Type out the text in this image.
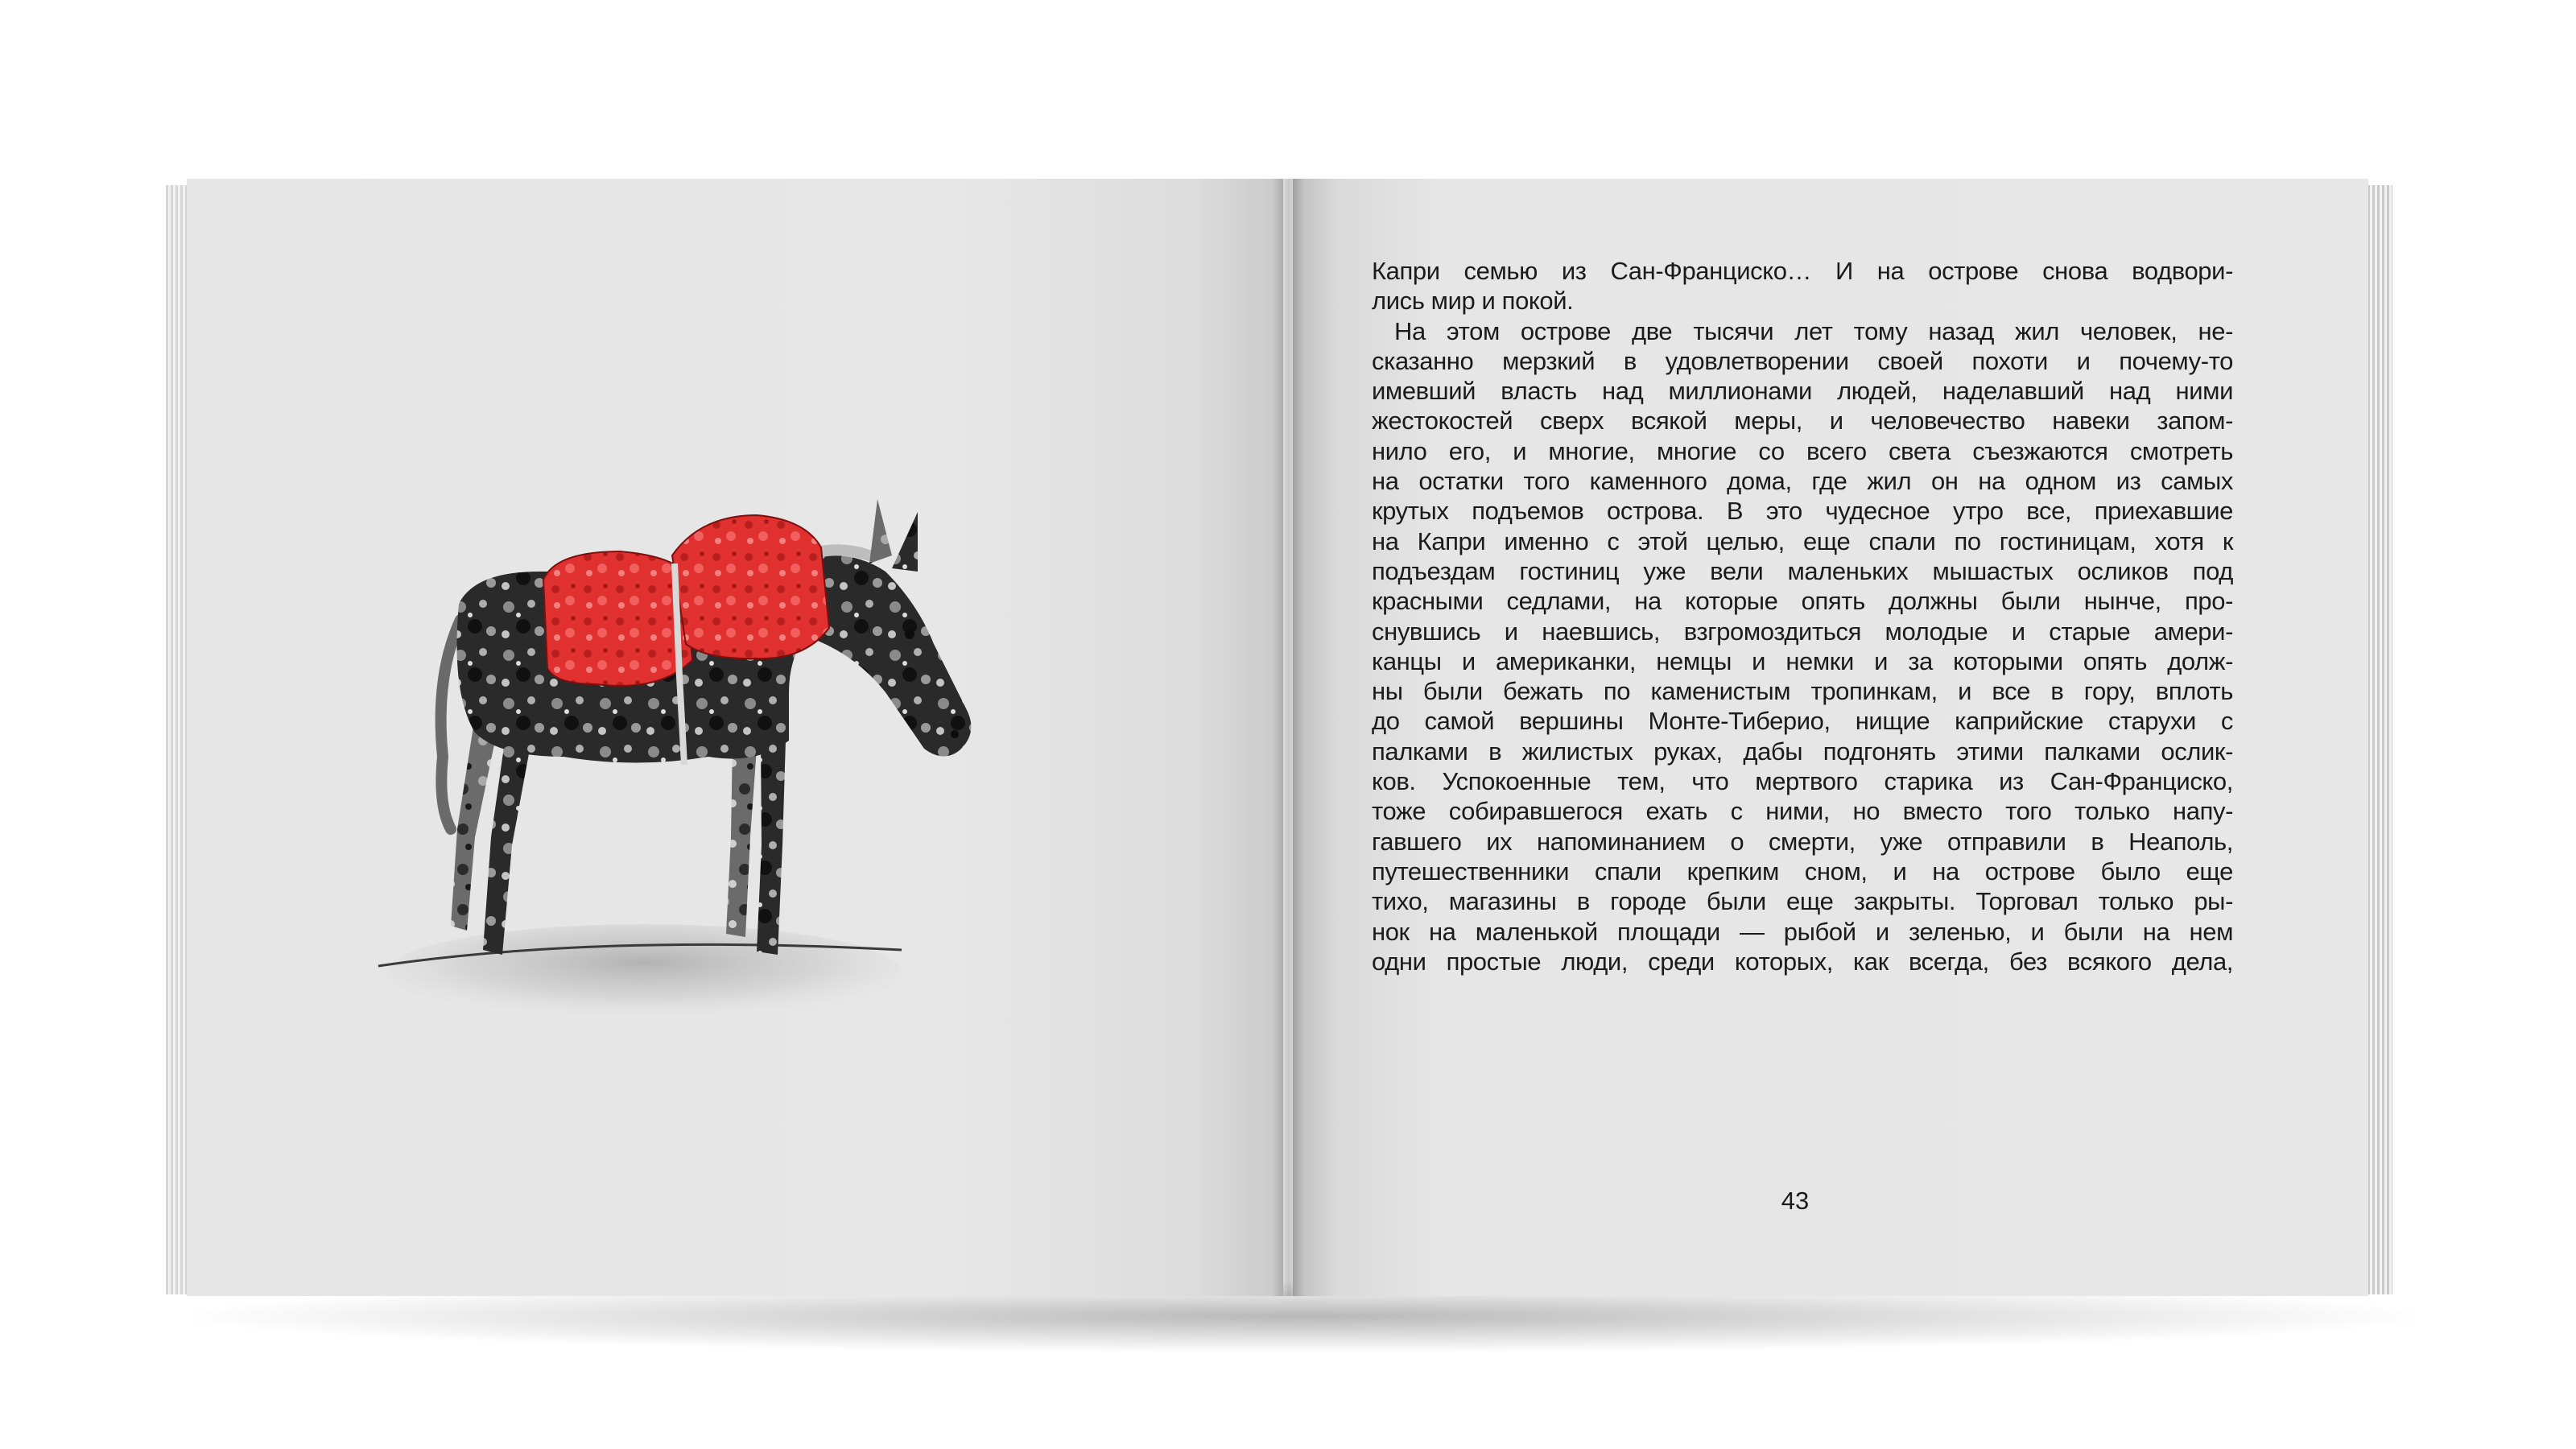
Капри семью из Сан-Франциско… И на острове снова водвори-
лись мир и покой.
На этом острове две тысячи лет тому назад жил человек, не-
сказанно мерзкий в удовлетворении своей похоти и почему-то
имевший власть над миллионами людей, наделавший над ними
жестокостей сверх всякой меры, и человечество навеки запом-
нило его, и многие, многие со всего света съезжаются смотреть
на остатки того каменного дома, где жил он на одном из самых
крутых подъемов острова. В это чудесное утро все, приехавшие
на Капри именно с этой целью, еще спали по гостиницам, хотя к
подъездам гостиниц уже вели маленьких мышастых осликов под
красными седлами, на которые опять должны были нынче, про-
снувшись и наевшись, взгромоздиться молодые и старые амери-
канцы и американки, немцы и немки и за которыми опять долж-
ны были бежать по каменистым тропинкам, и все в гору, вплоть
до самой вершины Монте-Тиберио, нищие каприйские старухи с
палками в жилистых руках, дабы подгонять этими палками ослик-
ков. Успокоенные тем, что мертвого старика из Сан-Франциско,
тоже собиравшегося ехать с ними, но вместо того только напу-
гавшего их напоминанием о смерти, уже отправили в Неаполь,
путешественники спали крепким сном, и на острове было еще
тихо, магазины в городе были еще закрыты. Торговал только ры-
нок на маленькой площади — рыбой и зеленью, и были на нем
одни простые люди, среди которых, как всегда, без всякого дела,
43
